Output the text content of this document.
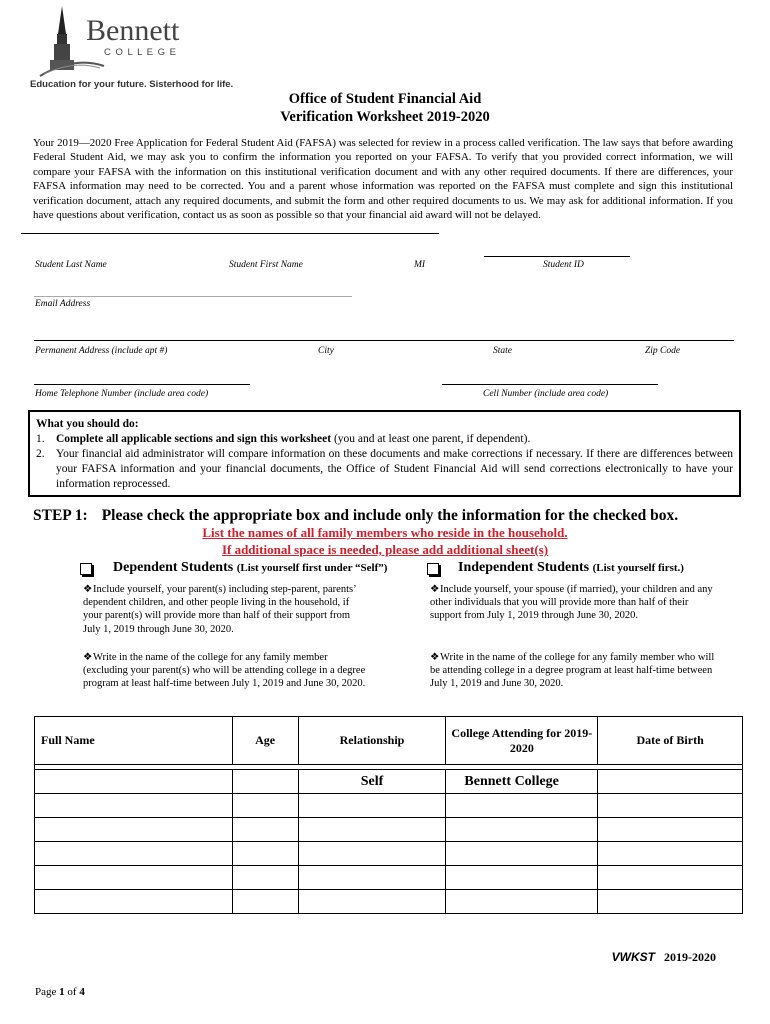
Bennett
C O L L E G E
Education for your future. Sisterhood for life.
Office of Student Financial Aid
Verification Worksheet 2019-2020
Your 2019—2020 Free Application for Federal Student Aid (FAFSA) was selected for review in a process called verification. The law says that before awarding Federal Student Aid, we may ask you to confirm the information you reported on your FAFSA. To verify that you provided correct information, we will compare your FAFSA with the information on this institutional verification document and with any other required documents. If there are differences, your FAFSA information may need to be corrected. You and a parent whose information was reported on the FAFSA must complete and sign this institutional verification document, attach any required documents, and submit the form and other required documents to us. We may ask for additional information. If you have questions about verification, contact us as soon as possible so that your financial aid award will not be delayed.
Student Last Name	Student First Name	MI	Student ID
Email Address
Permanent Address (include apt #)	City	State	Zip Code
Home Telephone Number (include area code)	Cell Number (include area code)
What you should do:
1. Complete all applicable sections and sign this worksheet (you and at least one parent, if dependent).
2. Your financial aid administrator will compare information on these documents and make corrections if necessary. If there are differences between your FAFSA information and your financial documents, the Office of Student Financial Aid will send corrections electronically to have your information reprocessed.
STEP 1: Please check the appropriate box and include only the information for the checked box.
List the names of all family members who reside in the household.
If additional space is needed, please add additional sheet(s)
Dependent Students (List yourself first under “Self”)
❖Include yourself, your parent(s) including step-parent, parents’ dependent children, and other people living in the household, if your parent(s) will provide more than half of their support from July 1, 2019 through June 30, 2020.
❖Write in the name of the college for any family member (excluding your parent(s) who will be attending college in a degree program at least half-time between July 1, 2019 and June 30, 2020.
Independent Students (List yourself first.)
❖Include yourself, your spouse (if married), your children and any other individuals that you will provide more than half of their support from July 1, 2019 through June 30, 2020.
❖Write in the name of the college for any family member who will be attending college in a degree program at least half-time between July 1, 2019 and June 30, 2020.
Full Name	Age	Relationship	College Attending for 2019-2020	Date of Birth

		Self	Bennett College	

VWKST 2019-2020
Page 1 of 4
